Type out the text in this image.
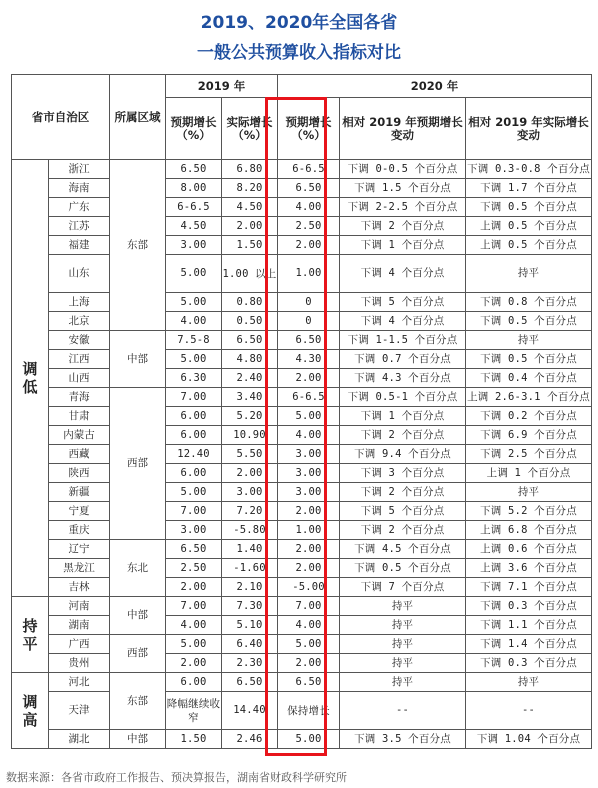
2019、2020年全国各省
一般公共预算收入指标对比
省市自治区		所属区域	2019 年		2020 年		
			预期增长（%）	实际增长（%）	预期增长（%）	相对 2019 年预期增长变动	相对 2019 年实际增长变动
调低	浙江	东部	6.50	6.80	6-6.5	下调 0-0.5 个百分点	下调 0.3-0.8 个百分点
	海南		8.00	8.20	6.50	下调 1.5 个百分点	下调 1.7 个百分点
	广东		6-6.5	4.50	4.00	下调 2-2.5 个百分点	下调 0.5 个百分点
	江苏		4.50	2.00	2.50	下调 2 个百分点	上调 0.5 个百分点
	福建		3.00	1.50	2.00	下调 1 个百分点	上调 0.5 个百分点
	山东		5.00	1.00 以上	1.00	下调 4 个百分点	持平
	上海		5.00	0.80	0	下调 5 个百分点	下调 0.8 个百分点
	北京		4.00	0.50	0	下调 4 个百分点	下调 0.5 个百分点
	安徽	中部	7.5-8	6.50	6.50	下调 1-1.5 个百分点	持平
	江西		5.00	4.80	4.30	下调 0.7 个百分点	下调 0.5 个百分点
	山西		6.30	2.40	2.00	下调 4.3 个百分点	下调 0.4 个百分点
	青海	西部	7.00	3.40	6-6.5	下调 0.5-1 个百分点	上调 2.6-3.1 个百分点
	甘肃		6.00	5.20	5.00	下调 1 个百分点	下调 0.2 个百分点
	内蒙古		6.00	10.90	4.00	下调 2 个百分点	下调 6.9 个百分点
	西藏		12.40	5.50	3.00	下调 9.4 个百分点	下调 2.5 个百分点
	陕西		6.00	2.00	3.00	下调 3 个百分点	上调 1 个百分点
	新疆		5.00	3.00	3.00	下调 2 个百分点	持平
	宁夏		7.00	7.20	2.00	下调 5 个百分点	下调 5.2 个百分点
	重庆		3.00	-5.80	1.00	下调 2 个百分点	上调 6.8 个百分点
	辽宁	东北	6.50	1.40	2.00	下调 4.5 个百分点	上调 0.6 个百分点
	黑龙江		2.50	-1.60	2.00	下调 0.5 个百分点	上调 3.6 个百分点
	吉林		2.00	2.10	-5.00	下调 7 个百分点	下调 7.1 个百分点
持平	河南	中部	7.00	7.30	7.00	持平	下调 0.3 个百分点
	湖南		4.00	5.10	4.00	持平	下调 1.1 个百分点
	广西	西部	5.00	6.40	5.00	持平	下调 1.4 个百分点
	贵州		2.00	2.30	2.00	持平	下调 0.3 个百分点
调高	河北	东部	6.00	6.50	6.50	持平	持平
	天津		降幅继续收窄	14.40	保持增长	--	--
	湖北	中部	1.50	2.46	5.00	下调 3.5 个百分点	下调 1.04 个百分点
数据来源：各省市政府工作报告、预决算报告，湖南省财政科学研究所
